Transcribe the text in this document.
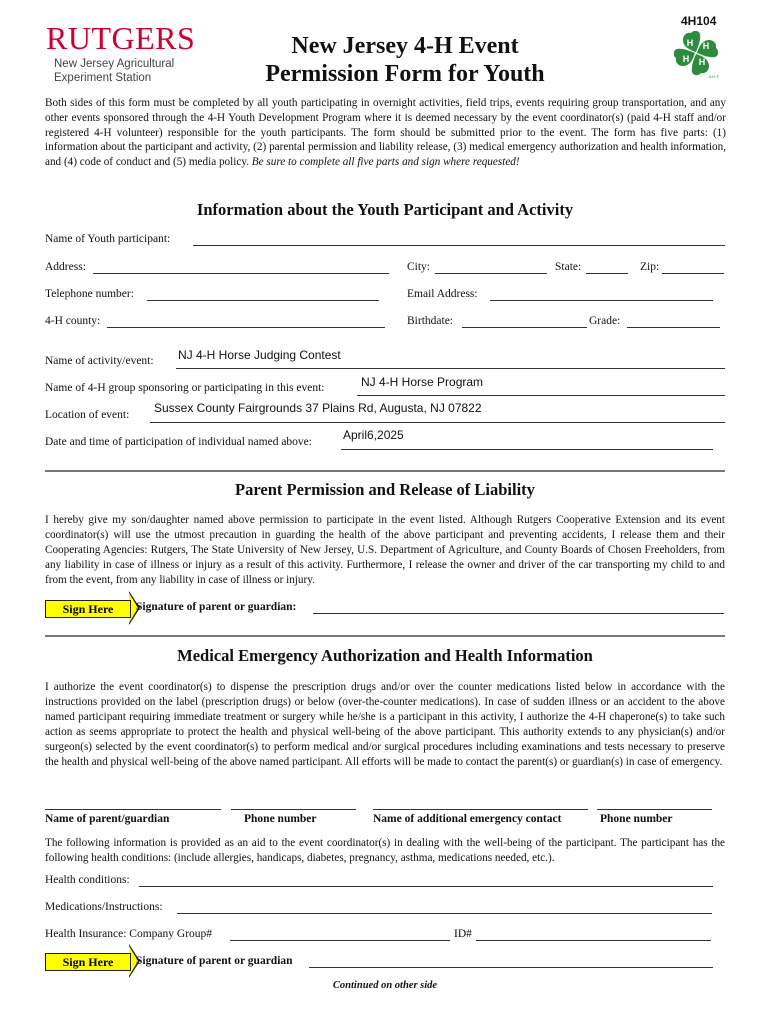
RUTGERS
New Jersey Agricultural
Experiment Station
4H104
H H
H
H
4-H ©
New Jersey 4-H Event
Permission Form for Youth
Both sides of this form must be completed by all youth participating in overnight activities, field trips, events requiring group transportation, and any other events sponsored through the 4-H Youth Development Program where it is deemed necessary by the event coordinator(s) (paid 4-H staff and/or registered 4-H volunteer) responsible for the youth participants. The form should be submitted prior to the event. The form has five parts: (1) information about the participant and activity, (2) parental permission and liability release, (3) medical emergency authorization and health information, and (4) code of conduct and (5) media policy. Be sure to complete all five parts and sign where requested!
Information about the Youth Participant and Activity
Name of Youth participant:
Address:	City:	State:	Zip:
Telephone number:	Email Address:
4-H county:	Birthdate:	Grade:
Name of activity/event: NJ 4-H Horse Judging Contest
Name of 4-H group sponsoring or participating in this event:	NJ 4-H Horse Program
Location of event: Sussex County Fairgrounds 37 Plains Rd, Augusta, NJ 07822
Date and time of participation of individual named above:	April6,2025
Parent Permission and Release of Liability
I hereby give my son/daughter named above permission to participate in the event listed. Although Rutgers Cooperative Extension and its event coordinator(s) will use the utmost precaution in guarding the health of the above participant and preventing accidents, I release them and their Cooperating Agencies: Rutgers, The State University of New Jersey, U.S. Department of Agriculture, and County Boards of Chosen Freeholders, from any liability in case of illness or injury as a result of this activity. Furthermore, I release the owner and driver of the car transporting my child to and from the event, from any liability in case of illness or injury.
Sign Here	Signature of parent or guardian:
Medical Emergency Authorization and Health Information
I authorize the event coordinator(s) to dispense the prescription drugs and/or over the counter medications listed below in accordance with the instructions provided on the label (prescription drugs) or below (over-the-counter medications). In case of sudden illness or an accident to the above named participant requiring immediate treatment or surgery while he/she is a participant in this activity, I authorize the 4-H chaperone(s) to take such action as seems appropriate to protect the health and physical well-being of the above participant. This authority extends to any physician(s) and/or surgeon(s) selected by the event coordinator(s) to perform medical and/or surgical procedures including examinations and tests necessary to preserve the health and physical well-being of the above named participant. All efforts will be made to contact the parent(s) or guardian(s) in case of emergency.
Name of parent/guardian	Phone number	Name of additional emergency contact	Phone number
The following information is provided as an aid to the event coordinator(s) in dealing with the well-being of the participant. The participant has the following health conditions: (include allergies, handicaps, diabetes, pregnancy, asthma, medications needed, etc.).
Health conditions:
Medications/Instructions:
Health Insurance: Company Group#	ID#
Sign Here	Signature of parent or guardian
Continued on other side
